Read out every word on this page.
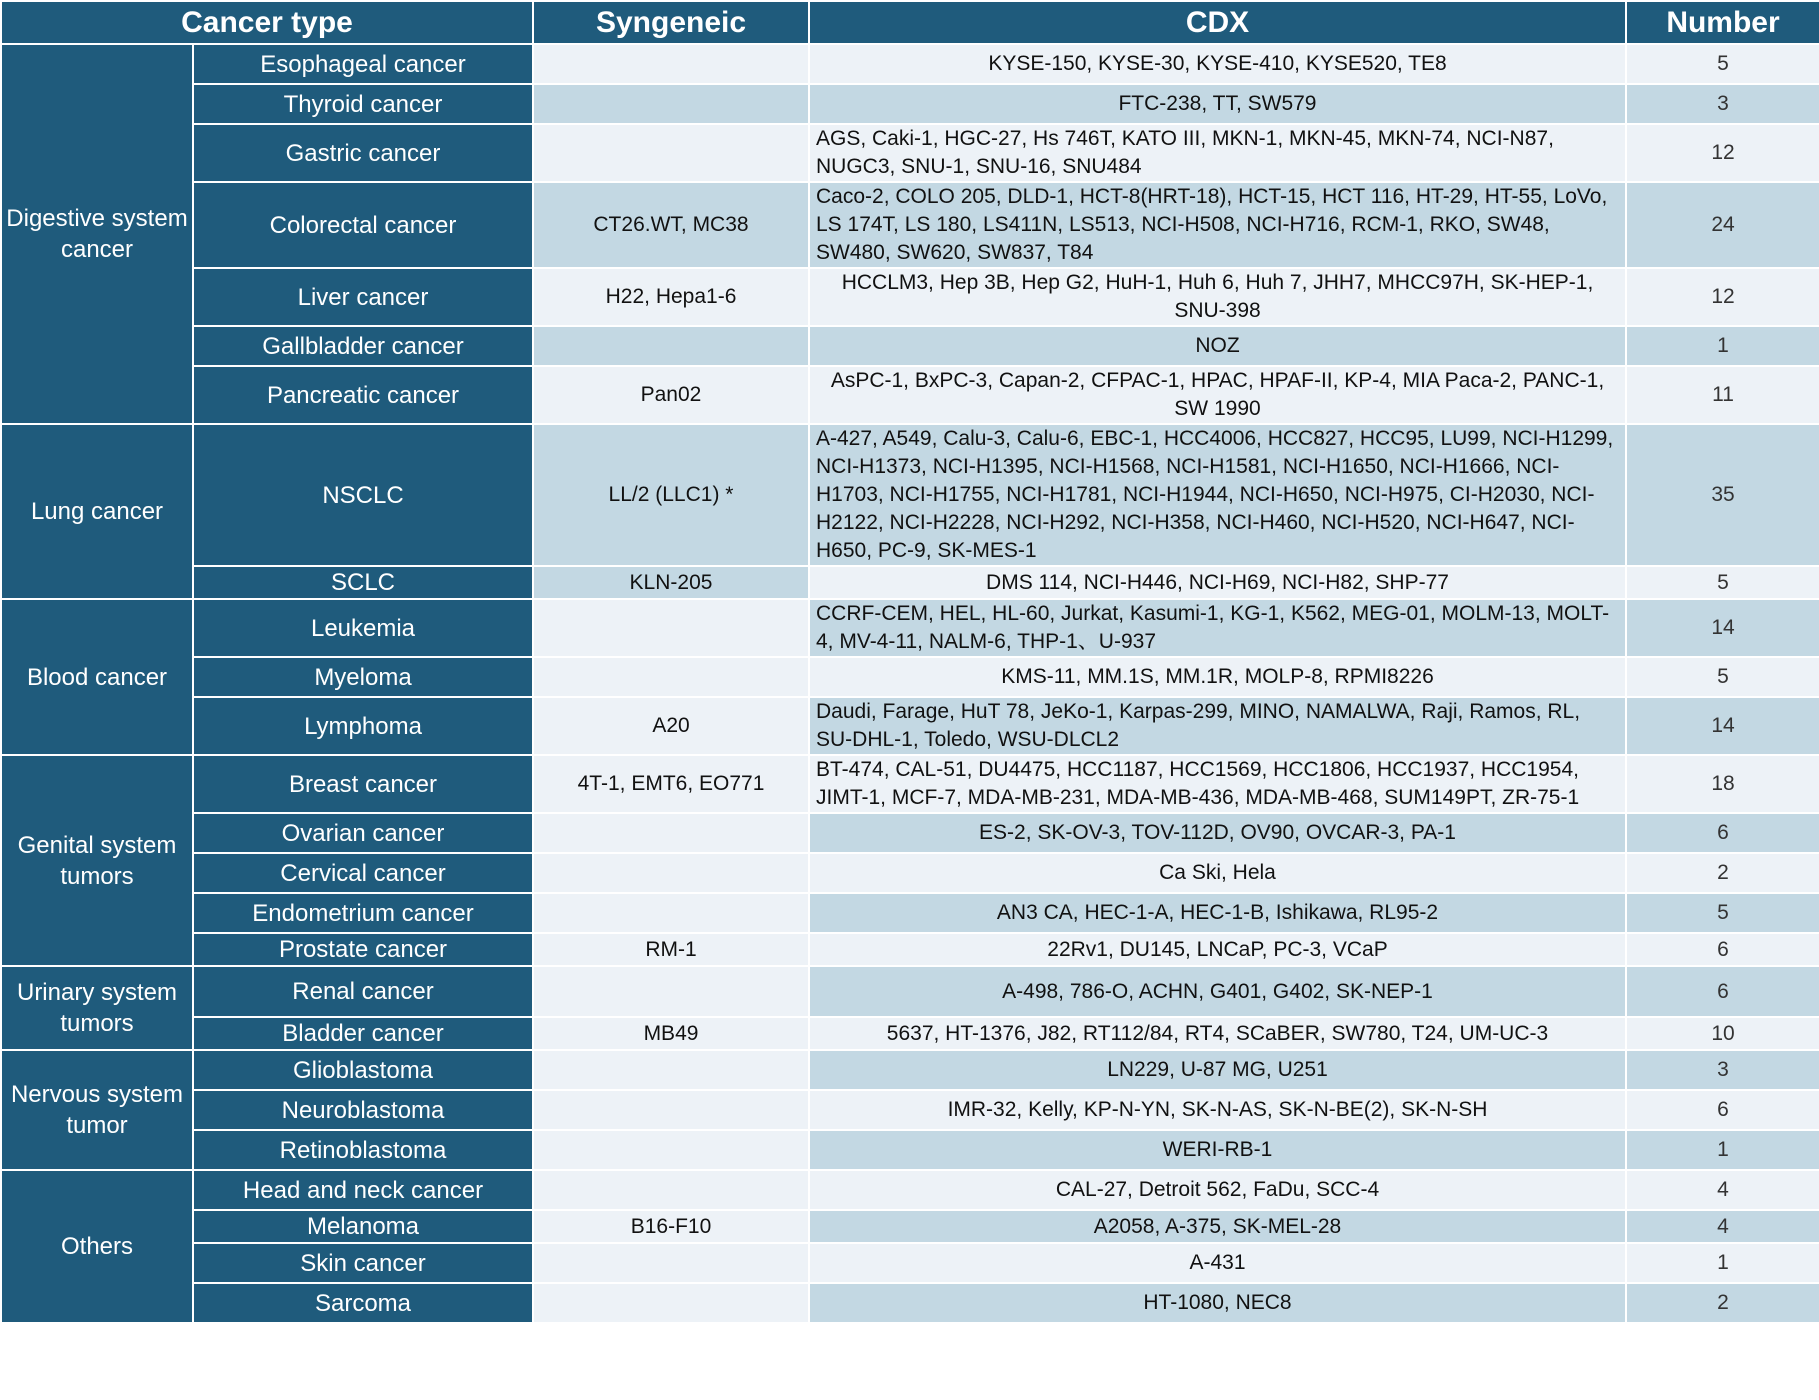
Cancer type		Syngeneic	CDX	Number
Digestive system cancer	Esophageal cancer		KYSE-150, KYSE-30, KYSE-410, KYSE520, TE8	5
	Thyroid cancer		FTC-238, TT, SW579	3
	Gastric cancer		AGS, Caki-1, HGC-27, Hs 746T, KATO III, MKN-1, MKN-45, MKN-74, NCI-N87, NUGC3, SNU-1, SNU-16, SNU484	12
	Colorectal cancer	CT26.WT, MC38	Caco-2, COLO 205, DLD-1, HCT-8(HRT-18), HCT-15, HCT 116, HT-29, HT-55, LoVo, LS 174T, LS 180, LS411N, LS513, NCI-H508, NCI-H716, RCM-1, RKO, SW48, SW480, SW620, SW837, T84	24
	Liver cancer	H22, Hepa1-6	HCCLM3, Hep 3B, Hep G2, HuH-1, Huh 6, Huh 7, JHH7, MHCC97H, SK-HEP-1, SNU-398	12
	Gallbladder cancer		NOZ	1
	Pancreatic cancer	Pan02	AsPC-1, BxPC-3, Capan-2, CFPAC-1, HPAC, HPAF-II, KP-4, MIA Paca-2, PANC-1, SW 1990	11
Lung cancer	NSCLC	LL/2 (LLC1) *	A-427, A549, Calu-3, Calu-6, EBC-1, HCC4006, HCC827, HCC95, LU99, NCI-H1299, NCI-H1373, NCI-H1395, NCI-H1568, NCI-H1581, NCI-H1650, NCI-H1666, NCI-H1703, NCI-H1755, NCI-H1781, NCI-H1944, NCI-H650, NCI-H975, CI-H2030, NCI-H2122, NCI-H2228, NCI-H292, NCI-H358, NCI-H460, NCI-H520, NCI-H647, NCI-H650, PC-9, SK-MES-1	35
	SCLC	KLN-205	DMS 114, NCI-H446, NCI-H69, NCI-H82, SHP-77	5
Blood cancer	Leukemia		CCRF-CEM, HEL, HL-60, Jurkat, Kasumi-1, KG-1, K562, MEG-01, MOLM-13, MOLT-4, MV-4-11, NALM-6, THP-1、U-937	14
	Myeloma		KMS-11, MM.1S, MM.1R, MOLP-8, RPMI8226	5
	Lymphoma	A20	Daudi, Farage, HuT 78, JeKo-1, Karpas-299, MINO, NAMALWA, Raji, Ramos, RL, SU-DHL-1, Toledo, WSU-DLCL2	14
Genital system tumors	Breast cancer	4T-1, EMT6, EO771	BT-474, CAL-51, DU4475, HCC1187, HCC1569, HCC1806, HCC1937, HCC1954, JIMT-1, MCF-7, MDA-MB-231, MDA-MB-436, MDA-MB-468, SUM149PT, ZR-75-1	18
	Ovarian cancer		ES-2, SK-OV-3, TOV-112D, OV90, OVCAR-3, PA-1	6
	Cervical cancer		Ca Ski, Hela	2
	Endometrium cancer		AN3 CA, HEC-1-A, HEC-1-B, Ishikawa, RL95-2	5
	Prostate cancer	RM-1	22Rv1, DU145, LNCaP, PC-3, VCaP	6
Urinary system tumors	Renal cancer		A-498, 786-O, ACHN, G401, G402, SK-NEP-1	6
	Bladder cancer	MB49	5637, HT-1376, J82, RT112/84, RT4, SCaBER, SW780, T24, UM-UC-3	10
Nervous system tumor	Glioblastoma		LN229, U-87 MG, U251	3
	Neuroblastoma		IMR-32, Kelly, KP-N-YN, SK-N-AS, SK-N-BE(2), SK-N-SH	6
	Retinoblastoma		WERI-RB-1	1
Others	Head and neck cancer		CAL-27, Detroit 562, FaDu, SCC-4	4
	Melanoma	B16-F10	A2058, A-375, SK-MEL-28	4
	Skin cancer		A-431	1
	Sarcoma		HT-1080, NEC8	2
